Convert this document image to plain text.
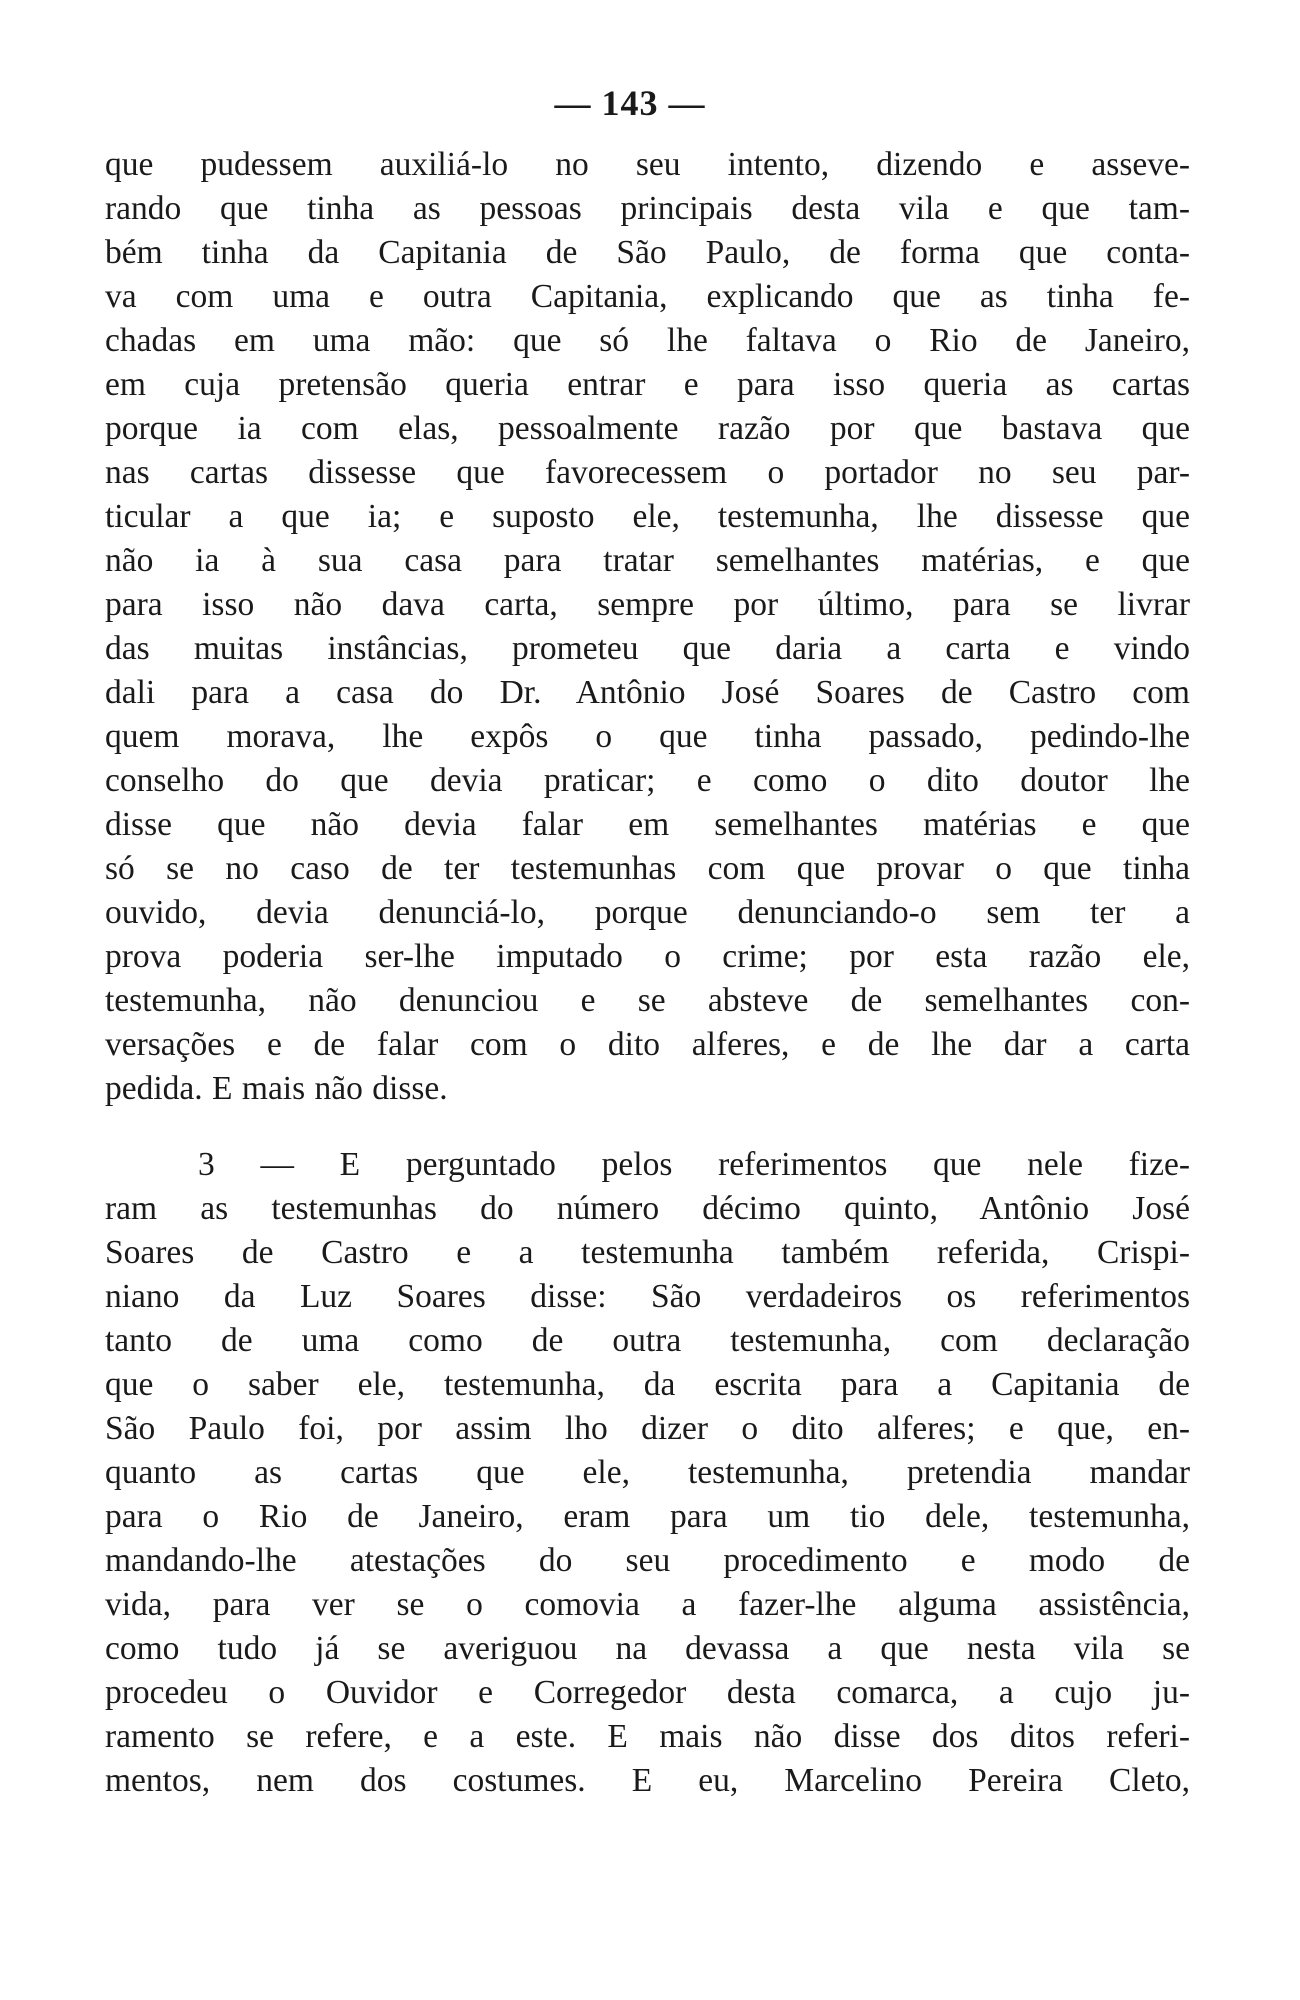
— 143 —
que pudessem auxiliá-lo no seu intento, dizendo e asseve-
rando que tinha as pessoas principais desta vila e que tam-
bém tinha da Capitania de São Paulo, de forma que conta-
va com uma e outra Capitania, explicando que as tinha fe-
chadas em uma mão: que só lhe faltava o Rio de Janeiro,
em cuja pretensão queria entrar e para isso queria as cartas
porque ia com elas, pessoalmente razão por que bastava que
nas cartas dissesse que favorecessem o portador no seu par-
ticular a que ia; e suposto ele, testemunha, lhe dissesse que
não ia à sua casa para tratar semelhantes matérias, e que
para isso não dava carta, sempre por último, para se livrar
das muitas instâncias, prometeu que daria a carta e vindo
dali para a casa do Dr. Antônio José Soares de Castro com
quem morava, lhe expôs o que tinha passado, pedindo-lhe
conselho do que devia praticar; e como o dito doutor lhe
disse que não devia falar em semelhantes matérias e que
só se no caso de ter testemunhas com que provar o que tinha
ouvido, devia denunciá-lo, porque denunciando-o sem ter a
prova poderia ser-lhe imputado o crime; por esta razão ele,
testemunha, não denunciou e se absteve de semelhantes con-
versações e de falar com o dito alferes, e de lhe dar a carta
pedida. E mais não disse.
3 — E perguntado pelos referimentos que nele fize-
ram as testemunhas do número décimo quinto, Antônio José
Soares de Castro e a testemunha também referida, Crispi-
niano da Luz Soares disse: São verdadeiros os referimentos
tanto de uma como de outra testemunha, com declaração
que o saber ele, testemunha, da escrita para a Capitania de
São Paulo foi, por assim lho dizer o dito alferes; e que, en-
quanto as cartas que ele, testemunha, pretendia mandar
para o Rio de Janeiro, eram para um tio dele, testemunha,
mandando-lhe atestações do seu procedimento e modo de
vida, para ver se o comovia a fazer-lhe alguma assistência,
como tudo já se averiguou na devassa a que nesta vila se
procedeu o Ouvidor e Corregedor desta comarca, a cujo ju-
ramento se refere, e a este. E mais não disse dos ditos referi-
mentos, nem dos costumes. E eu, Marcelino Pereira Cleto,
